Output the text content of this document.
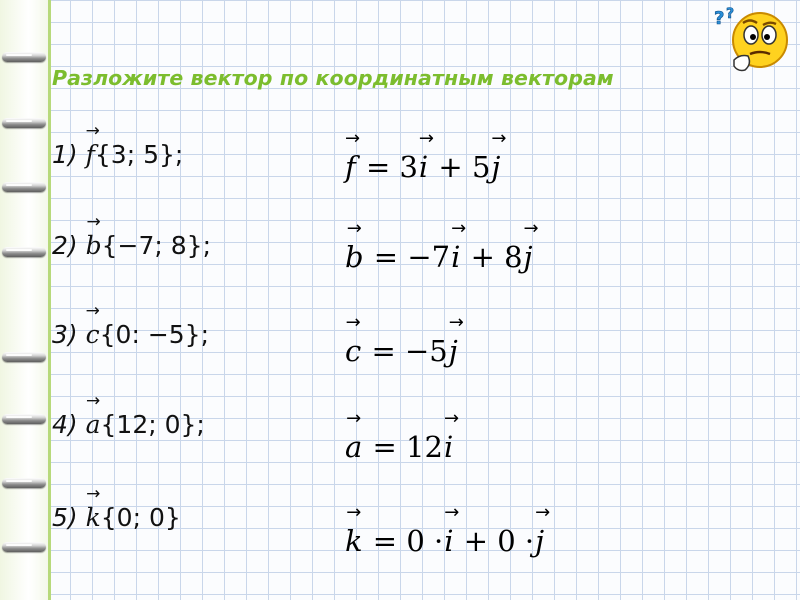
? ?
Разложите вектор по координатным векторам
1) → f{3; 5};
2) → b{−7; 8};
3) → c{0: −5};
4) → a{12; 0};
5) → k{0; 0}
→ f = 3→ i + 5→ j
→ b = −7→ i + 8→ j
→ c = −5→ j
→ a = 12→ i
→ k = 0 ·→ i + 0 ·→ j
